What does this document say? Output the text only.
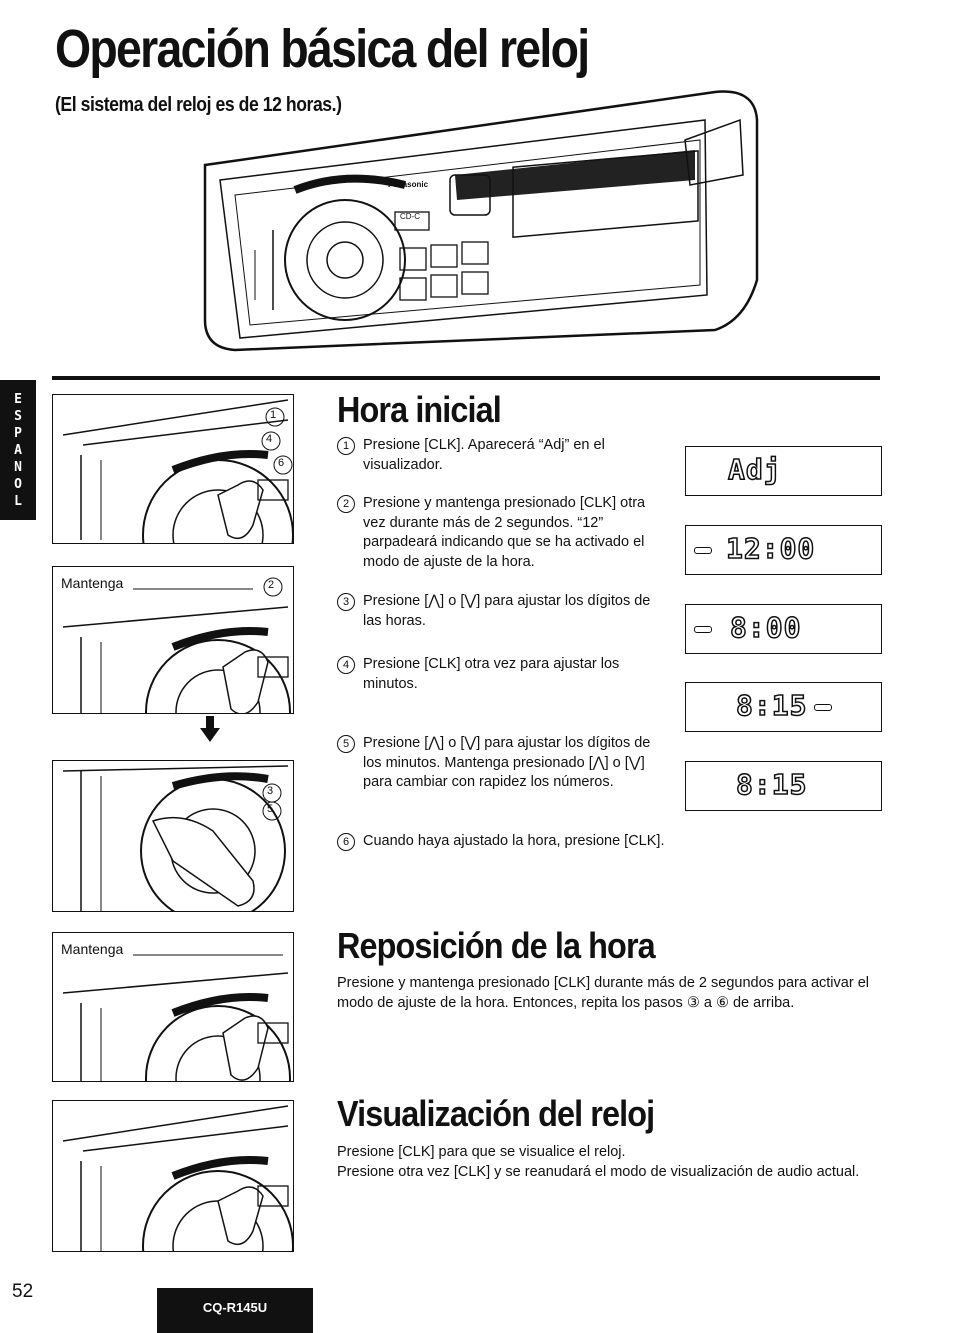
Operación básica del reloj
(El sistema del reloj es de 12 horas.)
Panasonic
CD-C
E
S
P
A
N
O
L
1
4
6
Mantenga	2
3
5
Mantenga
Hora inicial
1 Presione [CLK]. Aparecerá “Adj” en el visualizador.
2 Presione y mantenga presionado [CLK] otra vez durante más de 2 segundos. “12” parpadeará indicando que se ha activado el modo de ajuste de la hora.
3 Presione [⋀] o [⋁] para ajustar los dígitos de las horas.
4 Presione [CLK] otra vez para ajustar los minutos.
5 Presione [⋀] o [⋁] para ajustar los dígitos de los minutos. Mantenga presionado [⋀] o [⋁] para cambiar con rapidez los números.
6 Cuando haya ajustado la hora, presione [CLK].
Adj
12:00
8:00
8:15
8:15
Reposición de la hora

Presione y mantenga presionado [CLK] durante más de 2 segundos para activar el modo de ajuste de la hora. Entonces, repita los pasos ③ a ⑥ de arriba.

Visualización del reloj

Presione [CLK] para que se visualice el reloj.

Presione otra vez [CLK] y se reanudará el modo de visualización de audio actual.

52
CQ-R145U
